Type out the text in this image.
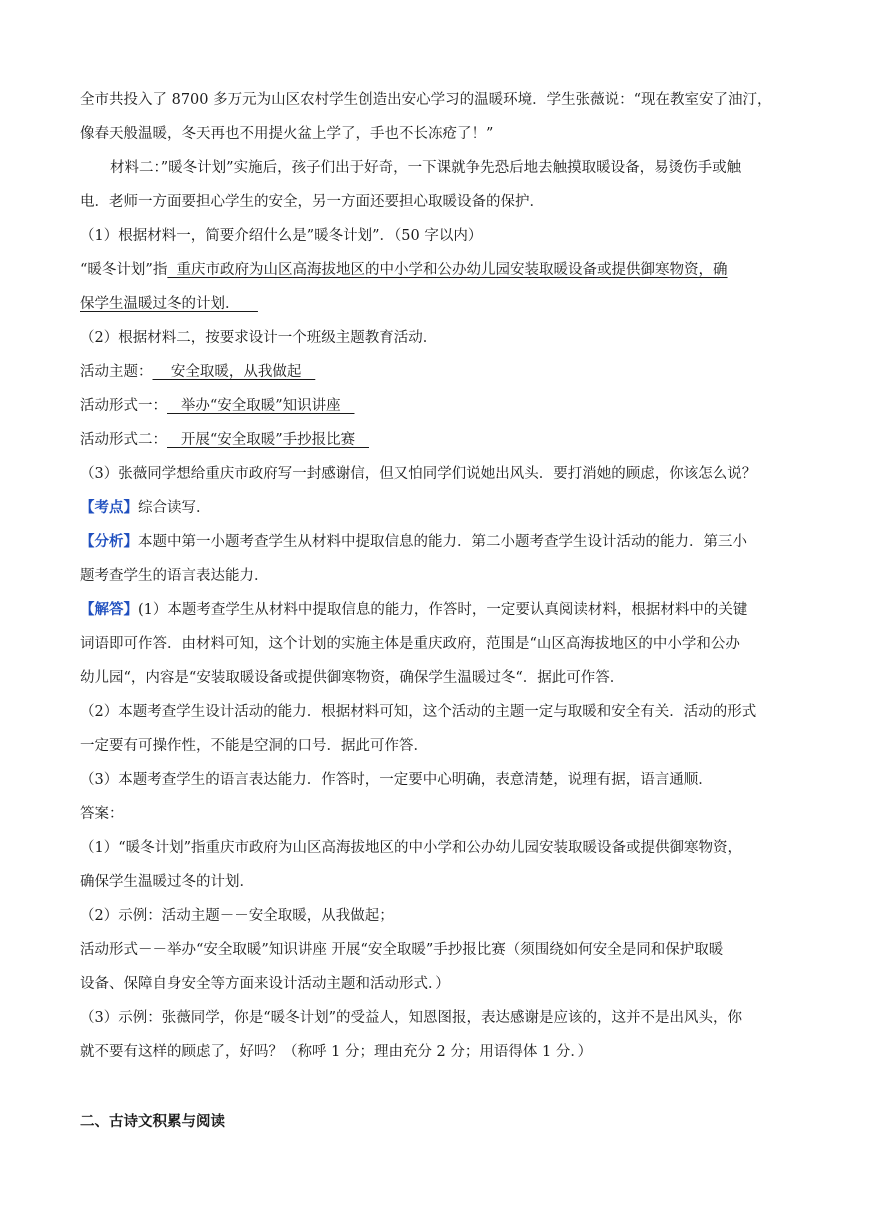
全市共投入了 8700 多万元为山区农村学生创造出安心学习的温暖环境．学生张薇说：“现在教室安了油汀，
像春天般温暖，冬天再也不用提火盆上学了，手也不长冻疮了！”
材料二：”暖冬计划”实施后，孩子们出于好奇，一下课就争先恐后地去触摸取暖设备，易烫伤手或触
电．老师一方面要担心学生的安全，另一方面还要担心取暖设备的保护．
（1）根据材料一，简要介绍什么是”暖冬计划”．（50 字以内）
“暖冬计划”指  重庆市政府为山区高海拔地区的中小学和公办幼儿园安装取暖设备或提供御寒物资，确
保学生温暖过冬的计划．
（2）根据材料二，按要求设计一个班级主题教育活动．
活动主题：    安全取暖，从我做起
活动形式一：   举办“安全取暖”知识讲座
活动形式二：   开展“安全取暖”手抄报比赛
（3）张薇同学想给重庆市政府写一封感谢信，但又怕同学们说她出风头．要打消她的顾虑，你该怎么说？
【考点】综合读写．
【分析】本题中第一小题考查学生从材料中提取信息的能力．第二小题考查学生设计活动的能力．第三小
题考查学生的语言表达能力．
【解答】(1）本题考查学生从材料中提取信息的能力，作答时，一定要认真阅读材料，根据材料中的关键
词语即可作答．由材料可知，这个计划的实施主体是重庆政府，范围是“山区高海拔地区的中小学和公办
幼儿园“，内容是“安装取暖设备或提供御寒物资，确保学生温暖过冬“．据此可作答．
（2）本题考查学生设计活动的能力．根据材料可知，这个活动的主题一定与取暖和安全有关．活动的形式
一定要有可操作性，不能是空洞的口号．据此可作答．
（3）本题考查学生的语言表达能力．作答时，一定要中心明确，表意清楚，说理有据，语言通顺．
答案：
（1）“暖冬计划”指重庆市政府为山区高海拔地区的中小学和公办幼儿园安装取暖设备或提供御寒物资，
确保学生温暖过冬的计划．
（2）示例：活动主题－－安全取暖，从我做起；
活动形式－－举办“安全取暖”知识讲座 开展“安全取暖”手抄报比赛（须围绕如何安全是同和保护取暖
设备、保障自身安全等方面来设计活动主题和活动形式．）
（3）示例：张薇同学，你是“暖冬计划”的受益人，知恩图报，表达感谢是应该的，这并不是出风头，你
就不要有这样的顾虑了，好吗？（称呼 1 分；理由充分 2 分；用语得体 1 分．）
二、古诗文积累与阅读
